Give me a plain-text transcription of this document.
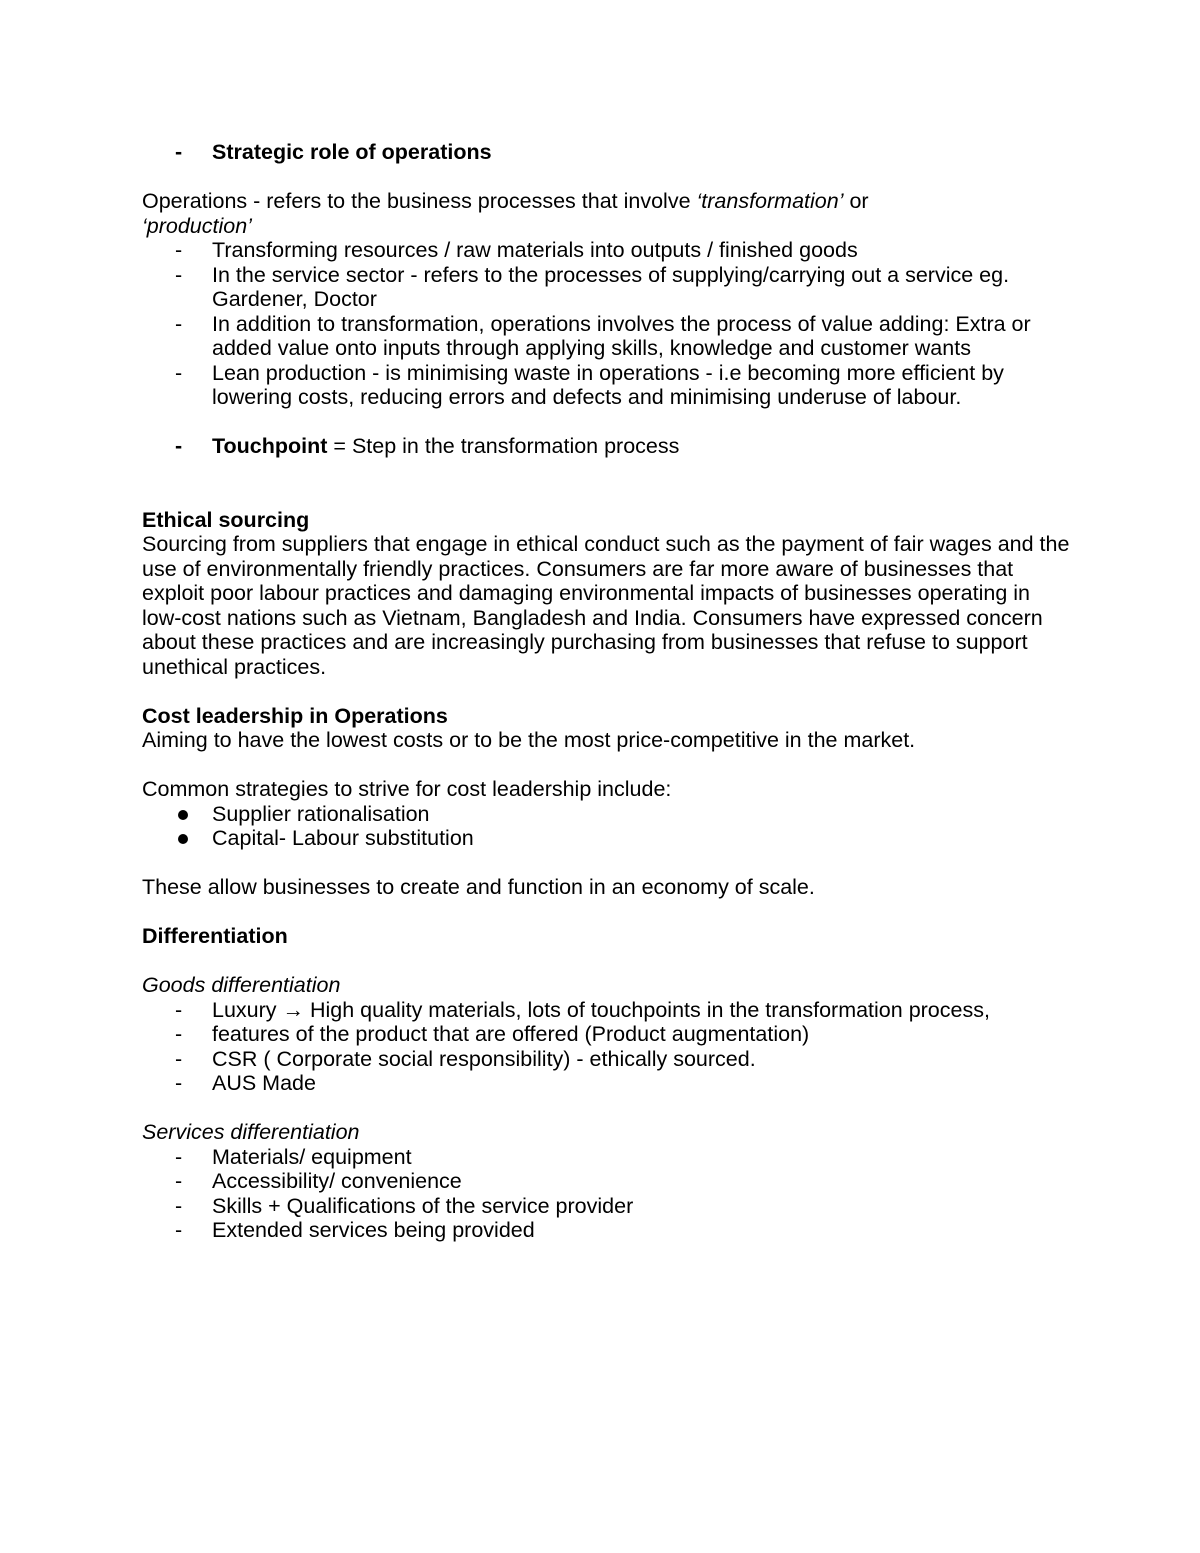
- Strategic role of operations

Operations - refers to the business processes that involve ‘transformation’ or
‘production’

- Transforming resources / raw materials into outputs / finished goods
- In the service sector - refers to the processes of supplying/carrying out a service eg. Gardener, Doctor
- In addition to transformation, operations involves the process of value adding: Extra or added value onto inputs through applying skills, knowledge and customer wants
- Lean production - is minimising waste in operations - i.e becoming more efficient by lowering costs, reducing errors and defects and minimising underuse of labour.
- Touchpoint = Step in the transformation process
Ethical sourcing

Sourcing from suppliers that engage in ethical conduct such as the payment of fair wages and the use of environmentally friendly practices. Consumers are far more aware of businesses that exploit poor labour practices and damaging environmental impacts of businesses operating in low-cost nations such as Vietnam, Bangladesh and India. Consumers have expressed concern about these practices and are increasingly purchasing from businesses that refuse to support unethical practices.

Cost leadership in Operations

Aiming to have the lowest costs or to be the most price-competitive in the market.

Common strategies to strive for cost leadership include:

Supplier rationalisation
Capital- Labour substitution

These allow businesses to create and function in an economy of scale.

Differentiation
Goods differentiation
- Luxury → High quality materials, lots of touchpoints in the transformation process,
- features of the product that are offered (Product augmentation)
- CSR ( Corporate social responsibility) - ethically sourced.
- AUS Made
Services differentiation
- Materials/ equipment
- Accessibility/ convenience
- Skills + Qualifications of the service provider
- Extended services being provided
